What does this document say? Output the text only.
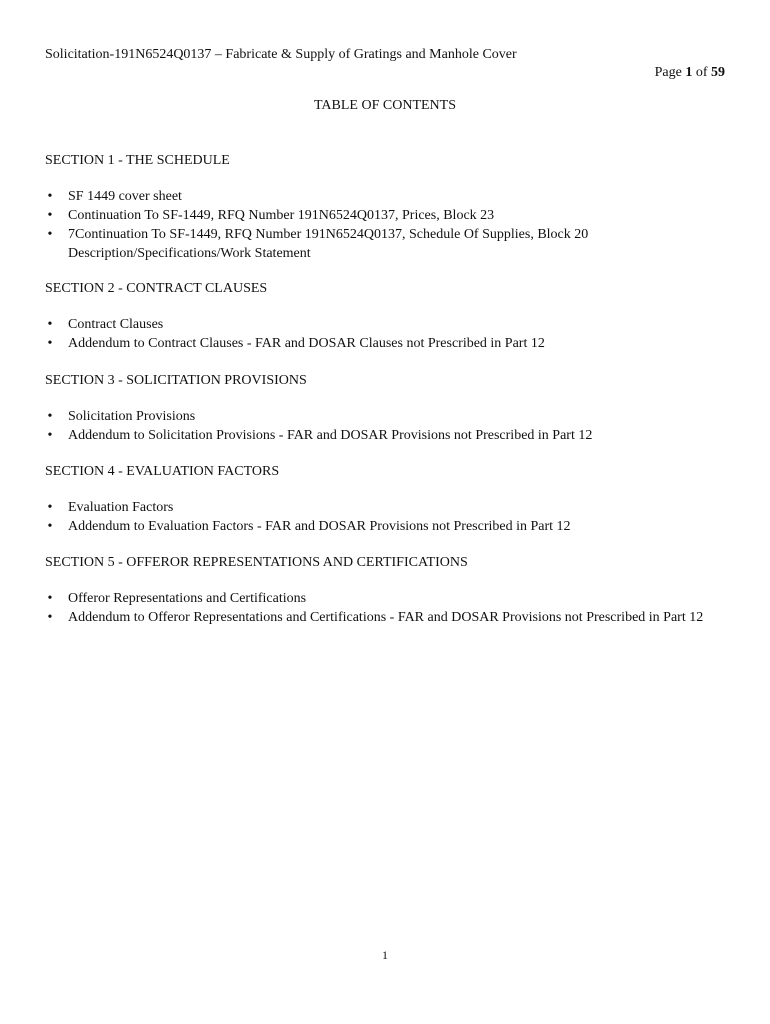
Solicitation-191N6524Q0137 – Fabricate & Supply of Gratings and Manhole Cover
Page 1 of 59
TABLE OF CONTENTS
SECTION 1 - THE SCHEDULE
• SF 1449 cover sheet
• Continuation To SF-1449, RFQ Number 191N6524Q0137, Prices, Block 23
• 7Continuation To SF-1449, RFQ Number 191N6524Q0137, Schedule Of Supplies, Block 20 Description/Specifications/Work Statement
SECTION 2 - CONTRACT CLAUSES
• Contract Clauses
• Addendum to Contract Clauses - FAR and DOSAR Clauses not Prescribed in Part 12
SECTION 3 - SOLICITATION PROVISIONS
• Solicitation Provisions
• Addendum to Solicitation Provisions - FAR and DOSAR Provisions not Prescribed in Part 12
SECTION 4 - EVALUATION FACTORS
• Evaluation Factors
• Addendum to Evaluation Factors - FAR and DOSAR Provisions not Prescribed in Part 12
SECTION 5 - OFFEROR REPRESENTATIONS AND CERTIFICATIONS
• Offeror Representations and Certifications
• Addendum to Offeror Representations and Certifications - FAR and DOSAR Provisions not Prescribed in Part 12
1
